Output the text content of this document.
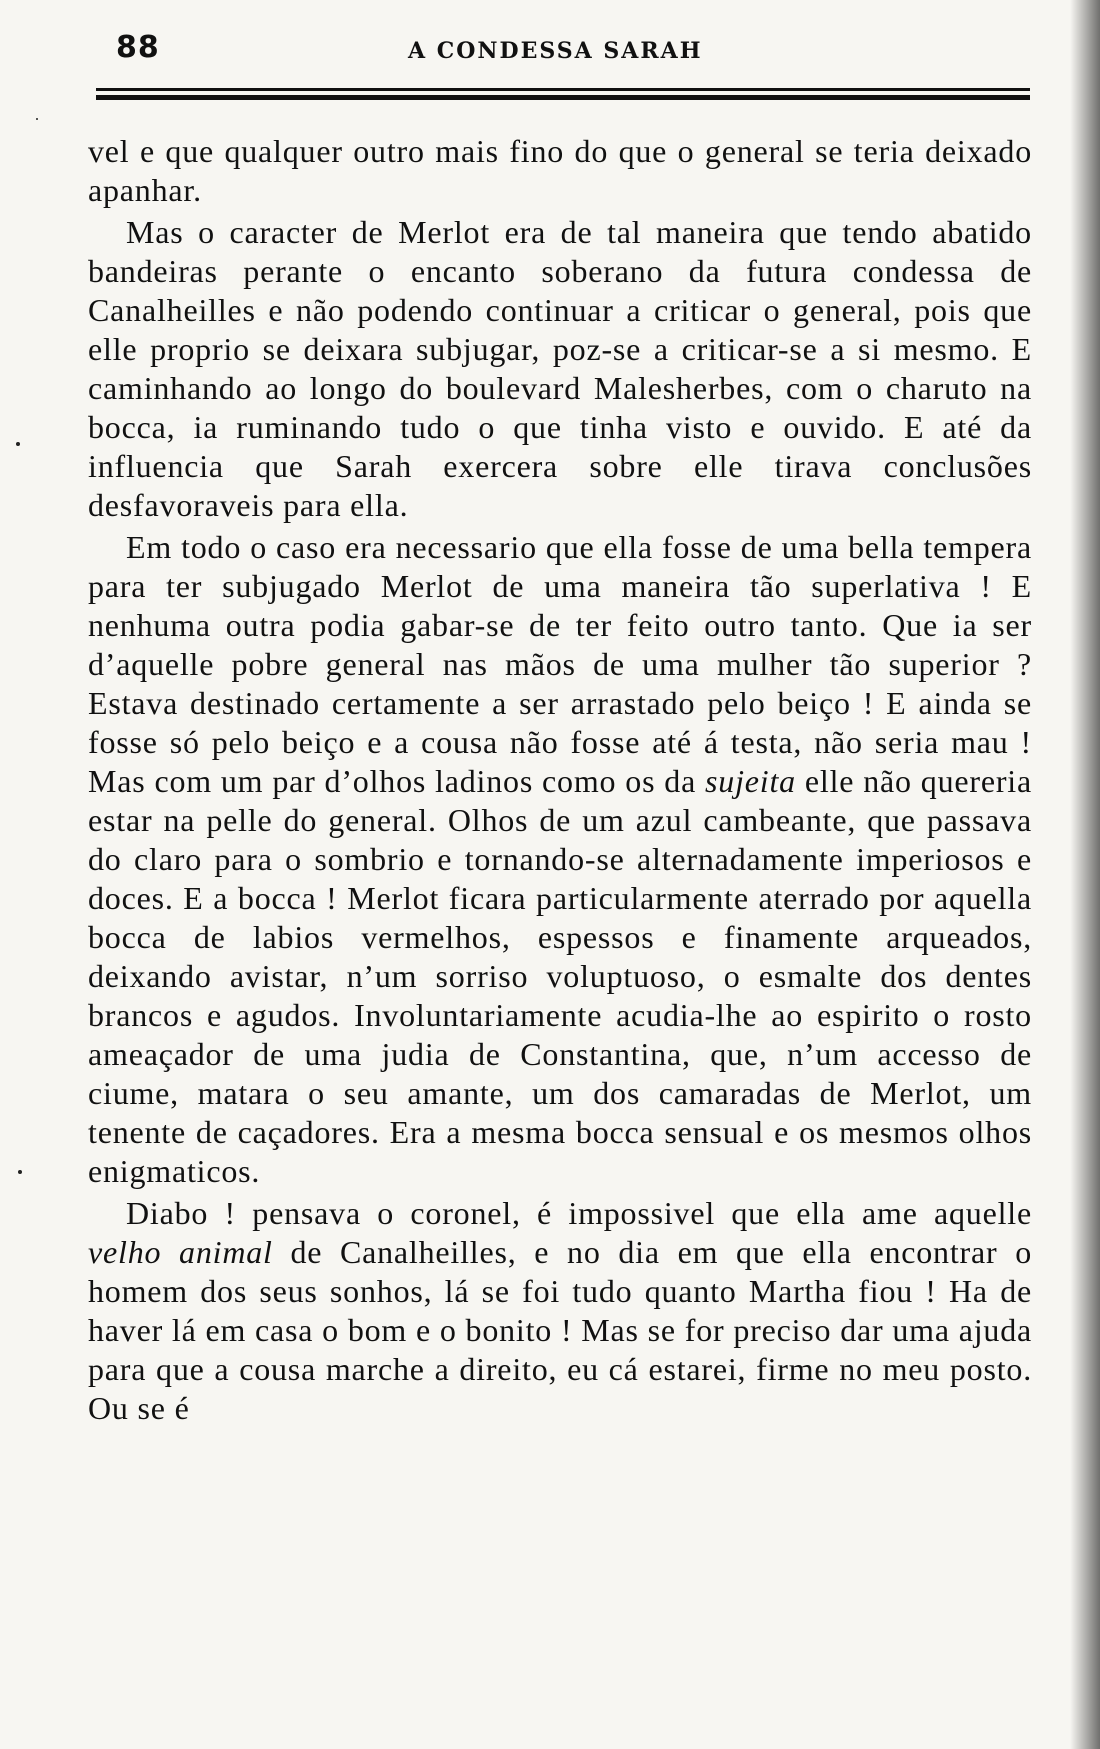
88	A CONDESSA SARAH

vel e que qualquer outro mais fino do que o general se teria deixado apanhar.

Mas o caracter de Merlot era de tal maneira que tendo abatido bandeiras perante o encanto soberano da futura condessa de Canalheilles e não podendo continuar a criticar o general, pois que elle proprio se deixara subjugar, poz-se a criticar-se a si mesmo. E caminhando ao longo do boulevard Malesherbes, com o charuto na bocca, ia ruminando tudo o que tinha visto e ouvido. E até da influencia que Sarah exercera sobre elle tirava conclusões desfavoraveis para ella.

Em todo o caso era necessario que ella fosse de uma bella tempera para ter subjugado Merlot de uma maneira tão superlativa ! E nenhuma outra podia gabar-se de ter feito outro tanto. Que ia ser d’aquelle pobre general nas mãos de uma mulher tão superior ? Estava destinado certamente a ser arrastado pelo beiço ! E ainda se fosse só pelo beiço e a cousa não fosse até á testa, não seria mau ! Mas com um par d’olhos ladinos como os da sujeita elle não quereria estar na pelle do general. Olhos de um azul cambeante, que passava do claro para o sombrio e tornando-se alternadamente imperiosos e doces. E a bocca ! Merlot ficara particularmente aterrado por aquella bocca de labios vermelhos, espessos e finamente arqueados, deixando avistar, n’um sorriso voluptuoso, o esmalte dos dentes brancos e agudos. Involuntariamente acudia-lhe ao espirito o rosto ameaçador de uma judia de Constantina, que, n’um accesso de ciume, matara o seu amante, um dos camaradas de Merlot, um tenente de caçadores. Era a mesma bocca sensual e os mesmos olhos enigmaticos.

Diabo ! pensava o coronel, é impossivel que ella ame aquelle velho animal de Canalheilles, e no dia em que ella encontrar o homem dos seus sonhos, lá se foi tudo quanto Martha fiou ! Ha de haver lá em casa o bom e o bonito ! Mas se for preciso dar uma ajuda para que a cousa marche a direito, eu cá estarei, firme no meu posto. Ou se é
